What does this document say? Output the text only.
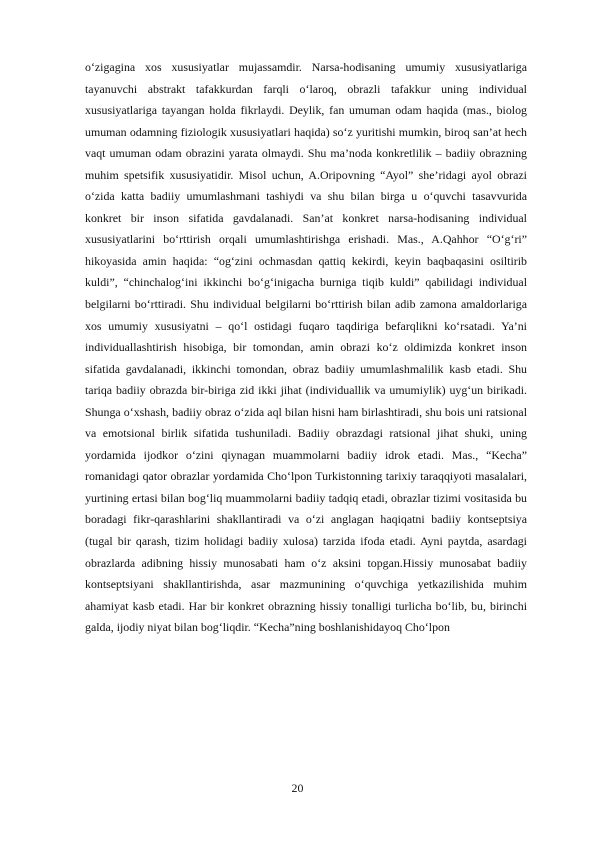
o‘zigagina xos xususiyatlar mujassamdir. Narsa-hodisaning umumiy xususiyatlariga tayanuvchi abstrakt tafakkurdan farqli o‘laroq, obrazli tafakkur uning individual xususiyatlariga tayangan holda fikrlaydi. Deylik, fan umuman odam haqida (mas., biolog umuman odamning fiziologik xususiyatlari haqida) so‘z yuritishi mumkin, biroq san’at hech vaqt umuman odam obrazini yarata olmaydi. Shu ma’noda konkretlilik – badiiy obrazning muhim spetsifik xususiyatidir. Misol uchun, A.Oripovning “Ayol” she’ridagi ayol obrazi o‘zida katta badiiy umumlashmani tashiydi va shu bilan birga u o‘quvchi tasavvurida konkret bir inson sifatida gavdalanadi. San’at konkret narsa-hodisaning individual xususiyatlarini bo‘rttirish orqali umumlashtirishga erishadi. Mas., A.Qahhor “O‘g‘ri” hikoyasida amin haqida: “og‘zini ochmasdan qattiq kekirdi, keyin baqbaqasini osiltirib kuldi”, “chinchalog‘ini ikkinchi bo‘g‘inigacha burniga tiqib kuldi” qabilidagi individual belgilarni bo‘rttiradi. Shu individual belgilarni bo‘rttirish bilan adib zamona amaldorlariga xos umumiy xususiyatni – qo‘l ostidagi fuqaro taqdiriga befarqlikni ko‘rsatadi. Ya’ni individuallashtirish hisobiga, bir tomondan, amin obrazi ko‘z oldimizda konkret inson sifatida gavdalanadi, ikkinchi tomondan, obraz badiiy umumlashmalilik kasb etadi. Shu tariqa badiiy obrazda bir-biriga zid ikki jihat (individuallik va umumiylik) uyg‘un birikadi. Shunga o‘xshash, badiiy obraz o‘zida aql bilan hisni ham birlashtiradi, shu bois uni ratsional va emotsional birlik sifatida tushuniladi. Badiiy obrazdagi ratsional jihat shuki, uning yordamida ijodkor o‘zini qiynagan muammolarni badiiy idrok etadi. Mas., “Kecha” romanidagi qator obrazlar yordamida Cho‘lpon Turkistonning tarixiy taraqqiyoti masalalari, yurtining ertasi bilan bog‘liq muammolarni badiiy tadqiq etadi, obrazlar tizimi vositasida bu boradagi fikr-qarashlarini shakllantiradi va o‘zi anglagan haqiqatni badiiy kontseptsiya (tugal bir qarash, tizim holidagi badiiy xulosa) tarzida ifoda etadi. Ayni paytda, asardagi obrazlarda adibning hissiy munosabati ham o‘z aksini topgan.Hissiy munosabat badiiy kontseptsiyani shakllantirishda, asar mazmunining o‘quvchiga yetkazilishida muhim ahamiyat kasb etadi. Har bir konkret obrazning hissiy tonalligi turlicha bo‘lib, bu, birinchi galda, ijodiy niyat bilan bog‘liqdir. “Kecha”ning boshlanishidayoq Cho‘lpon

20
